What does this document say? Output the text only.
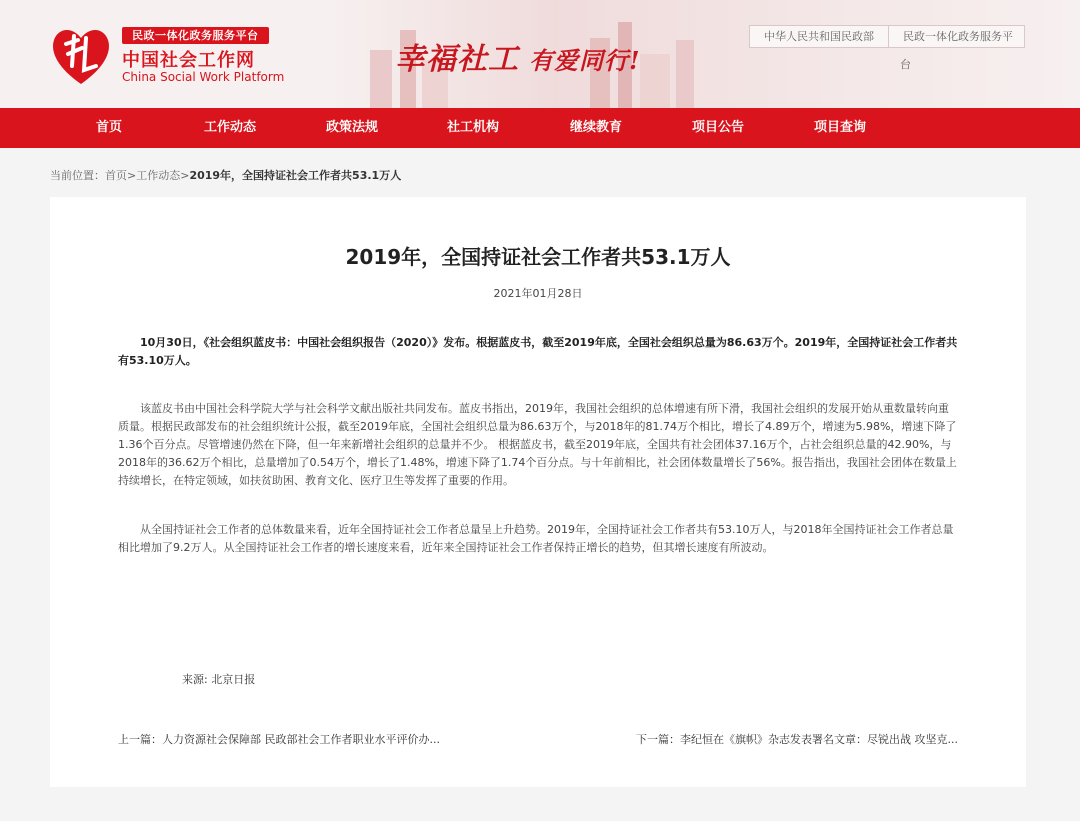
民政一体化政务服务平台
中国社会工作网
China Social Work Platform	幸福社工 有爱同行!
中华人民共和国民政部	民政一体化政务服务平
台
首页	工作动态	政策法规	社工机构	继续教育	项目公告	项目查询
当前位置：首页>工作动态>2019年，全国持证社会工作者共53.1万人
2019年，全国持证社会工作者共53.1万人
2021年01月28日

10月30日，《社会组织蓝皮书：中国社会组织报告（2020）》发布。根据蓝皮书，截至2019年底，全国社会组织总量为86.63万个。2019年，全国持证社会工作者共有53.10万人。

该蓝皮书由中国社会科学院大学与社会科学文献出版社共同发布。蓝皮书指出，2019年，我国社会组织的总体增速有所下滑，我国社会组织的发展开始从重数量转向重质量。根据民政部发布的社会组织统计公报，截至2019年底，全国社会组织总量为86.63万个，与2018年的81.74万个相比，增长了4.89万个，增速为5.98%，增速下降了1.36个百分点。尽管增速仍然在下降，但一年来新增社会组织的总量并不少。 根据蓝皮书，截至2019年底，全国共有社会团体37.16万个，占社会组织总量的42.90%，与2018年的36.62万个相比，总量增加了0.54万个，增长了1.48%，增速下降了1.74个百分点。与十年前相比，社会团体数量增长了56%。报告指出，我国社会团体在数量上持续增长，在特定领域，如扶贫助困、教育文化、医疗卫生等发挥了重要的作用。

从全国持证社会工作者的总体数量来看，近年全国持证社会工作者总量呈上升趋势。2019年，全国持证社会工作者共有53.10万人，与2018年全国持证社会工作者总量相比增加了9.2万人。从全国持证社会工作者的增长速度来看，近年来全国持证社会工作者保持正增长的趋势，但其增长速度有所波动。

来源: 北京日报
上一篇：人力资源社会保障部 民政部社会工作者职业水平评价办...	下一篇：李纪恒在《旗帜》杂志发表署名文章：尽锐出战 攻坚克...
